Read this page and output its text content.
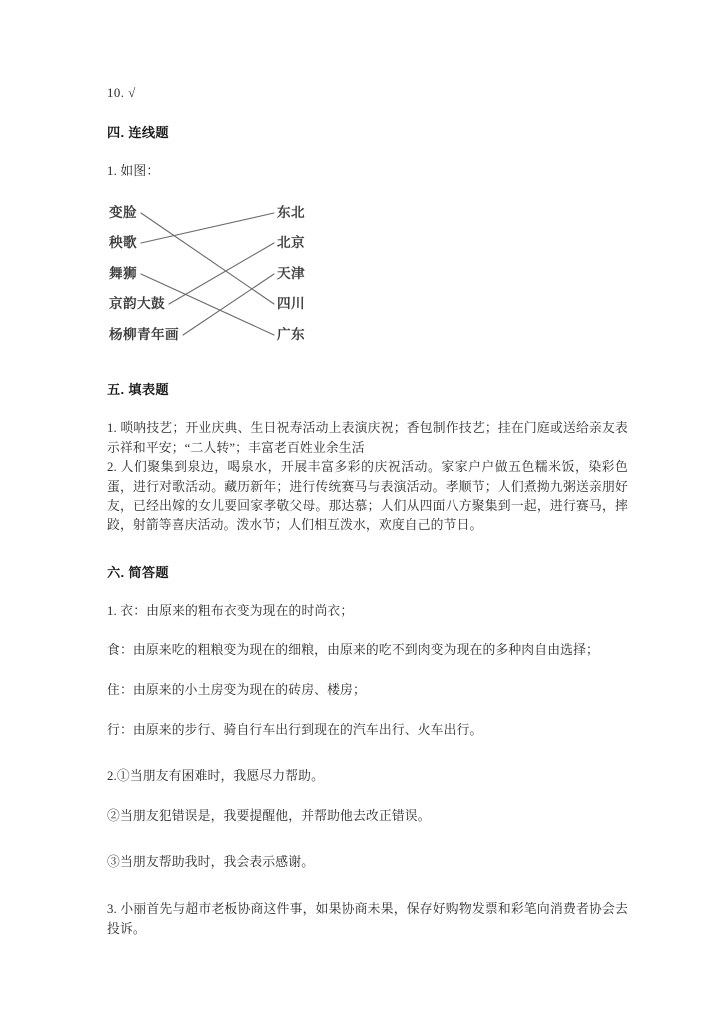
10. √
四. 连线题
1. 如图：
变脸
秧歌
舞狮
京韵大鼓
杨柳青年画
东北
北京
天津
四川
广东
五. 填表题
1. 唢呐技艺；开业庆典、生日祝寿活动上表演庆祝；香包制作技艺；挂在门庭或送给亲友表示祥和平安；“二人转”；丰富老百姓业余生活
2. 人们聚集到泉边，喝泉水，开展丰富多彩的庆祝活动。家家户户做五色糯米饭，染彩色蛋，进行对歌活动。藏历新年；进行传统赛马与表演活动。孝顺节；人们煮拗九粥送亲朋好友，已经出嫁的女儿要回家孝敬父母。那达慕；人们从四面八方聚集到一起，进行赛马，摔跤，射箭等喜庆活动。泼水节；人们相互泼水，欢度自己的节日。
六. 简答题
1. 衣：由原来的粗布衣变为现在的时尚衣；
食：由原来吃的粗粮变为现在的细粮，由原来的吃不到肉变为现在的多种肉自由选择；
住：由原来的小土房变为现在的砖房、楼房；
行：由原来的步行、骑自行车出行到现在的汽车出行、火车出行。
2.①当朋友有困难时，我愿尽力帮助。
②当朋友犯错误是，我要提醒他，并帮助他去改正错误。
③当朋友帮助我时，我会表示感谢。
3. 小丽首先与超市老板协商这件事，如果协商未果，保存好购物发票和彩笔向消费者协会去投诉。
